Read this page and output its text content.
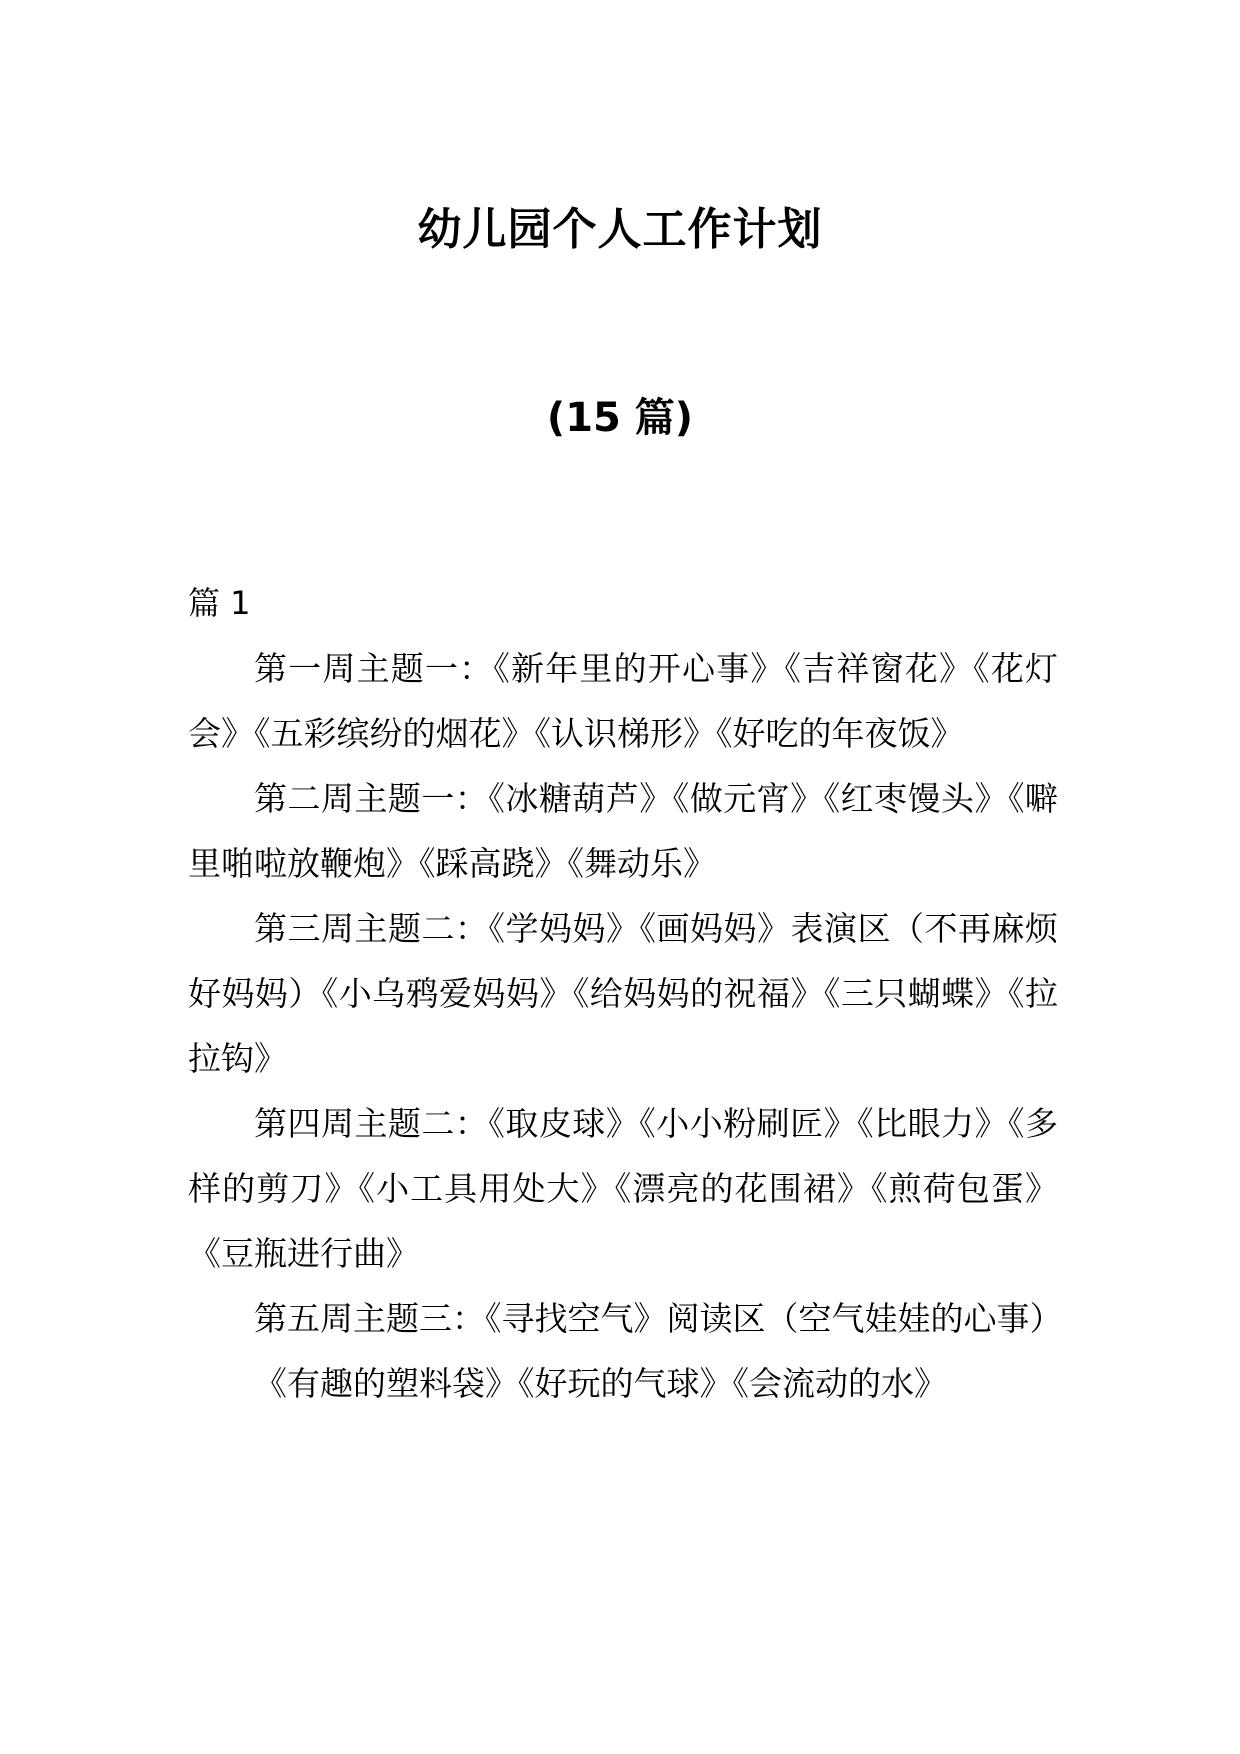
幼儿园个人工作计划
(15 篇)

篇 1

第一周主题一：《新年里的开心事》《吉祥窗花》《花灯会》《五彩缤纷的烟花》《认识梯形》《好吃的年夜饭》

第二周主题一：《冰糖葫芦》《做元宵》《红枣馒头》《噼里啪啦放鞭炮》《踩高跷》《舞动乐》

第三周主题二：《学妈妈》《画妈妈》表演区（不再麻烦好妈妈）《小乌鸦爱妈妈》《给妈妈的祝福》《三只蝴蝶》《拉拉钩》

第四周主题二：《取皮球》《小小粉刷匠》《比眼力》《多样的剪刀》《小工具用处大》《漂亮的花围裙》《煎荷包蛋》《豆瓶进行曲》

第五周主题三：《寻找空气》阅读区（空气娃娃的心事）

《有趣的塑料袋》《好玩的气球》《会流动的水》
